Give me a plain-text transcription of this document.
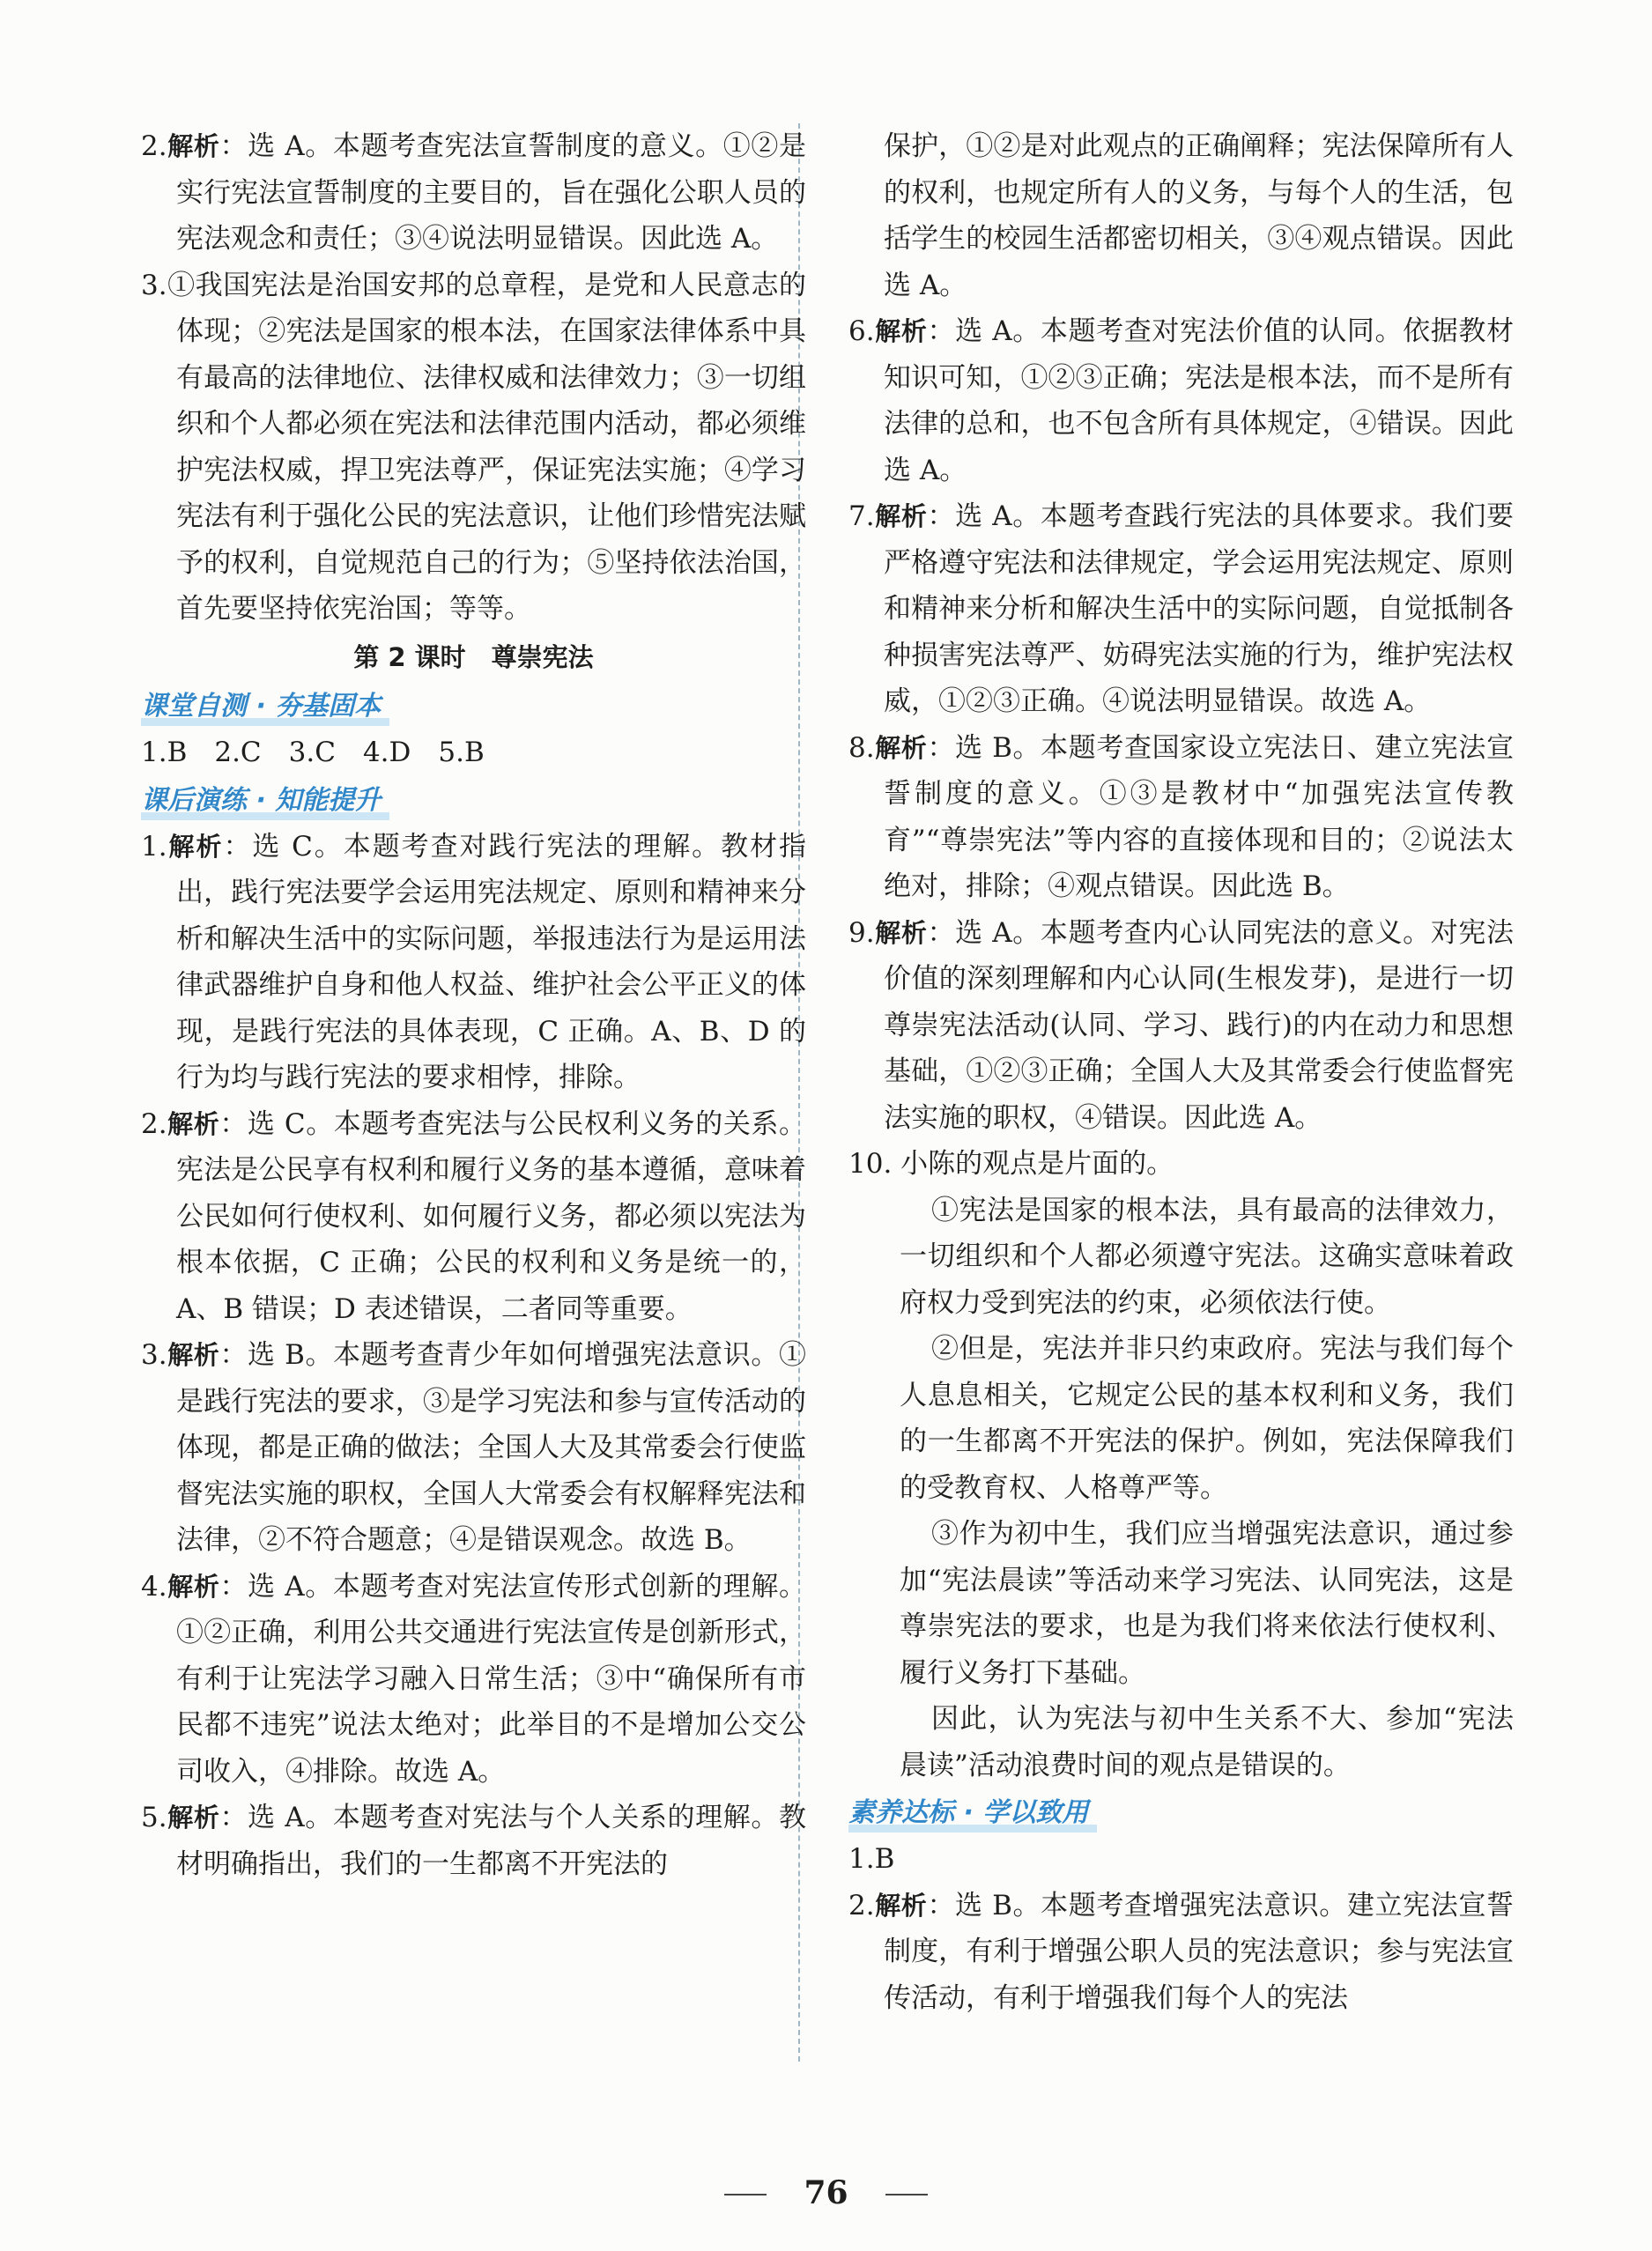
2.解析：选 A。本题考查宪法宣誓制度的意义。①②是实行宪法宣誓制度的主要目的，旨在强化公职人员的宪法观念和责任；③④说法明显错误。因此选 A。

3.①我国宪法是治国安邦的总章程，是党和人民意志的体现；②宪法是国家的根本法，在国家法律体系中具有最高的法律地位、法律权威和法律效力；③一切组织和个人都必须在宪法和法律范围内活动，都必须维护宪法权威，捍卫宪法尊严，保证宪法实施；④学习宪法有利于强化公民的宪法意识，让他们珍惜宪法赋予的权利，自觉规范自己的行为；⑤坚持依法治国，首先要坚持依宪治国；等等。

第 2 课时　尊崇宪法
课堂自测 · 夯基固本

1.B　2.C　3.C　4.D　5.B

课后演练 · 知能提升

1.解析：选 C。本题考查对践行宪法的理解。教材指出，践行宪法要学会运用宪法规定、原则和精神来分析和解决生活中的实际问题，举报违法行为是运用法律武器维护自身和他人权益、维护社会公平正义的体现，是践行宪法的具体表现，C 正确。A、B、D 的行为均与践行宪法的要求相悖，排除。

2.解析：选 C。本题考查宪法与公民权利义务的关系。宪法是公民享有权利和履行义务的基本遵循，意味着公民如何行使权利、如何履行义务，都必须以宪法为根本依据，C 正确；公民的权利和义务是统一的，A、B 错误；D 表述错误，二者同等重要。

3.解析：选 B。本题考查青少年如何增强宪法意识。①是践行宪法的要求，③是学习宪法和参与宣传活动的体现，都是正确的做法；全国人大及其常委会行使监督宪法实施的职权，全国人大常委会有权解释宪法和法律，②不符合题意；④是错误观念。故选 B。

4.解析：选 A。本题考查对宪法宣传形式创新的理解。①②正确，利用公共交通进行宪法宣传是创新形式，有利于让宪法学习融入日常生活；③中“确保所有市民都不违宪”说法太绝对；此举目的不是增加公交公司收入，④排除。故选 A。

5.解析：选 A。本题考查对宪法与个人关系的理解。教材明确指出，我们的一生都离不开宪法的

保护，①②是对此观点的正确阐释；宪法保障所有人的权利，也规定所有人的义务，与每个人的生活，包括学生的校园生活都密切相关，③④观点错误。因此选 A。

6.解析：选 A。本题考查对宪法价值的认同。依据教材知识可知，①②③正确；宪法是根本法，而不是所有法律的总和，也不包含所有具体规定，④错误。因此选 A。

7.解析：选 A。本题考查践行宪法的具体要求。我们要严格遵守宪法和法律规定，学会运用宪法规定、原则和精神来分析和解决生活中的实际问题，自觉抵制各种损害宪法尊严、妨碍宪法实施的行为，维护宪法权威，①②③正确。④说法明显错误。故选 A。

8.解析：选 B。本题考查国家设立宪法日、建立宪法宣誓制度的意义。①③是教材中“加强宪法宣传教育”“尊崇宪法”等内容的直接体现和目的；②说法太绝对，排除；④观点错误。因此选 B。

9.解析：选 A。本题考查内心认同宪法的意义。对宪法价值的深刻理解和内心认同(生根发芽)，是进行一切尊崇宪法活动(认同、学习、践行)的内在动力和思想基础，①②③正确；全国人大及其常委会行使监督宪法实施的职权，④错误。因此选 A。

10. 小陈的观点是片面的。

①宪法是国家的根本法，具有最高的法律效力，一切组织和个人都必须遵守宪法。这确实意味着政府权力受到宪法的约束，必须依法行使。

②但是，宪法并非只约束政府。宪法与我们每个人息息相关，它规定公民的基本权利和义务，我们的一生都离不开宪法的保护。例如，宪法保障我们的受教育权、人格尊严等。

③作为初中生，我们应当增强宪法意识，通过参加“宪法晨读”等活动来学习宪法、认同宪法，这是尊崇宪法的要求，也是为我们将来依法行使权利、履行义务打下基础。

因此，认为宪法与初中生关系不大、参加“宪法晨读”活动浪费时间的观点是错误的。

素养达标 · 学以致用

1.B

2.解析：选 B。本题考查增强宪法意识。建立宪法宣誓制度，有利于增强公职人员的宪法意识；参与宪法宣传活动，有利于增强我们每个人的宪法

76
